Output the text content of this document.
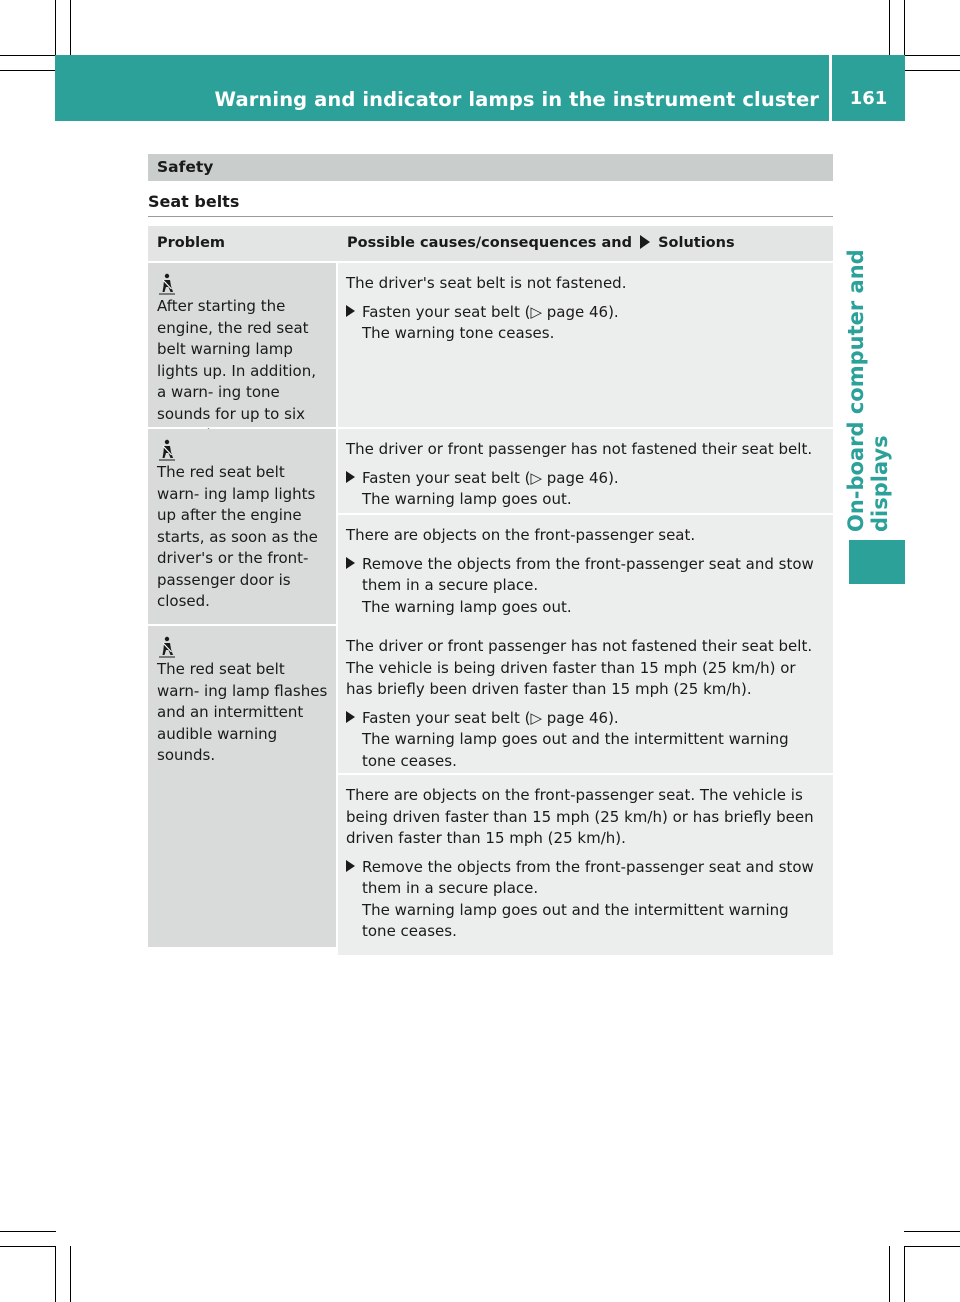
Warning and indicator lamps in the instrument cluster	161
On-board computer and displays
Safety
Seat belts
Problem	Possible causes/consequences and Solutions
After starting the engine, the red seat belt warning lamp lights up. In addition, a warn- ing tone sounds for up to six
The driver's seat belt is not fastened.
Fasten your seat belt (▷ page 46).
The warning tone ceases.
The red seat belt warn- ing lamp lights up after the engine starts, as soon as the driver's or the front-passenger door is closed.
The driver or front passenger has not fastened their seat belt.
Fasten your seat belt (▷ page 46).
The warning lamp goes out.
There are objects on the front-passenger seat.
Remove the objects from the front-passenger seat and stow them in a secure place.
The warning lamp goes out.
The red seat belt warn- ing lamp flashes and an intermittent audible warning sounds.
The driver or front passenger has not fastened their seat belt. The vehicle is being driven faster than 15 mph (25 km/h) or has briefly been driven faster than 15 mph (25 km/h).
Fasten your seat belt (▷ page 46).
The warning lamp goes out and the intermittent warning tone ceases.
There are objects on the front-passenger seat. The vehicle is being driven faster than 15 mph (25 km/h) or has briefly been driven faster than 15 mph (25 km/h).
Remove the objects from the front-passenger seat and stow them in a secure place.
The warning lamp goes out and the intermittent warning tone ceases.
